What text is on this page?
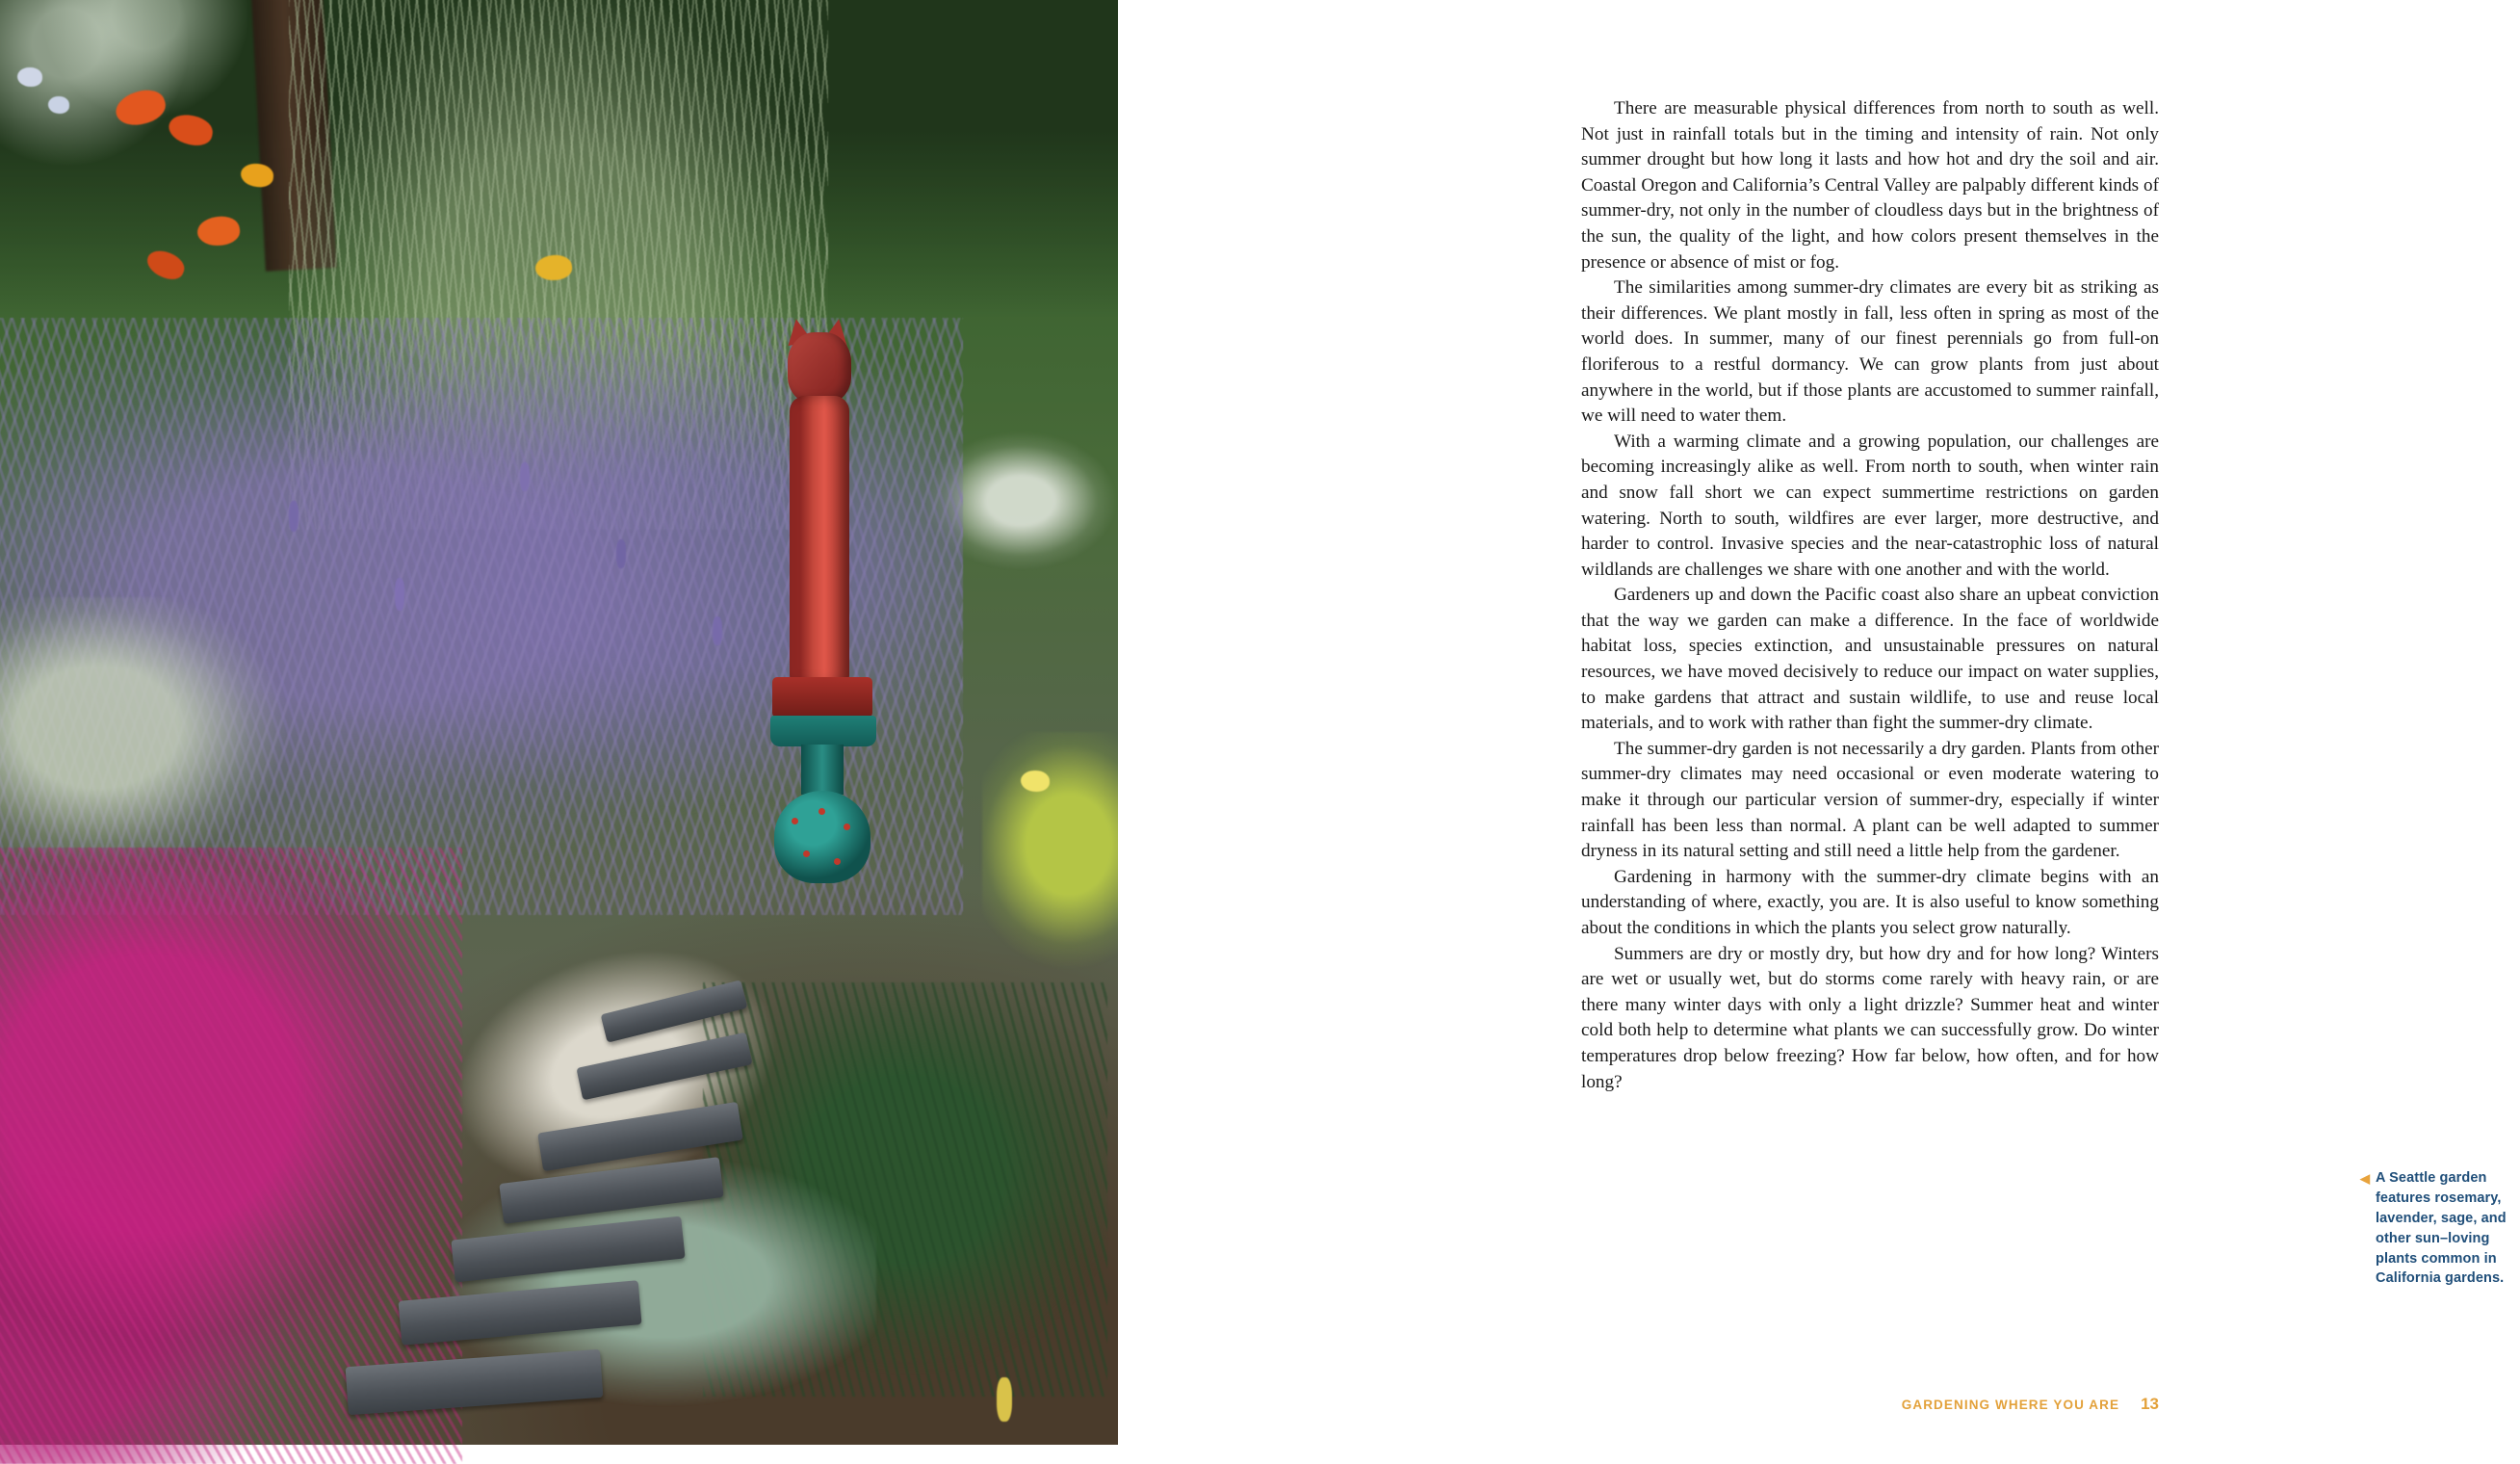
◀ A Seattle garden features rosemary, lavender, sage, and other sun–loving plants common in California gardens.

There are measurable physical differences from north to south as well. Not just in rainfall totals but in the timing and intensity of rain. Not only summer drought but how long it lasts and how hot and dry the soil and air. Coastal Oregon and California’s Central Valley are palpably different kinds of summer-dry, not only in the number of cloudless days but in the brightness of the sun, the quality of the light, and how colors present themselves in the presence or absence of mist or fog.

The similarities among summer-dry climates are every bit as striking as their differences. We plant mostly in fall, less often in spring as most of the world does. In summer, many of our finest perennials go from full-on floriferous to a restful dormancy. We can grow plants from just about anywhere in the world, but if those plants are accustomed to summer rainfall, we will need to water them.

With a warming climate and a growing population, our challenges are becoming increasingly alike as well. From north to south, when winter rain and snow fall short we can expect summertime restrictions on garden watering. North to south, wildfires are ever larger, more destructive, and harder to control. Invasive species and the near-catastrophic loss of natural wildlands are challenges we share with one another and with the world.

Gardeners up and down the Pacific coast also share an upbeat conviction that the way we garden can make a difference. In the face of worldwide habitat loss, species extinction, and unsustainable pressures on natural resources, we have moved decisively to reduce our impact on water supplies, to make gardens that attract and sustain wildlife, to use and reuse local materials, and to work with rather than fight the summer-dry climate.

The summer-dry garden is not necessarily a dry garden. Plants from other summer-dry climates may need occasional or even moderate watering to make it through our particular version of summer-dry, especially if winter rainfall has been less than normal. A plant can be well adapted to summer dryness in its natural setting and still need a little help from the gardener.

Gardening in harmony with the summer-dry climate begins with an understanding of where, exactly, you are. It is also useful to know something about the conditions in which the plants you select grow naturally.

Summers are dry or mostly dry, but how dry and for how long? Winters are wet or usually wet, but do storms come rarely with heavy rain, or are there many winter days with only a light drizzle? Summer heat and winter cold both help to determine what plants we can successfully grow. Do winter temperatures drop below freezing? How far below, how often, and for how long?

GARDENING WHERE YOU ARE 13
